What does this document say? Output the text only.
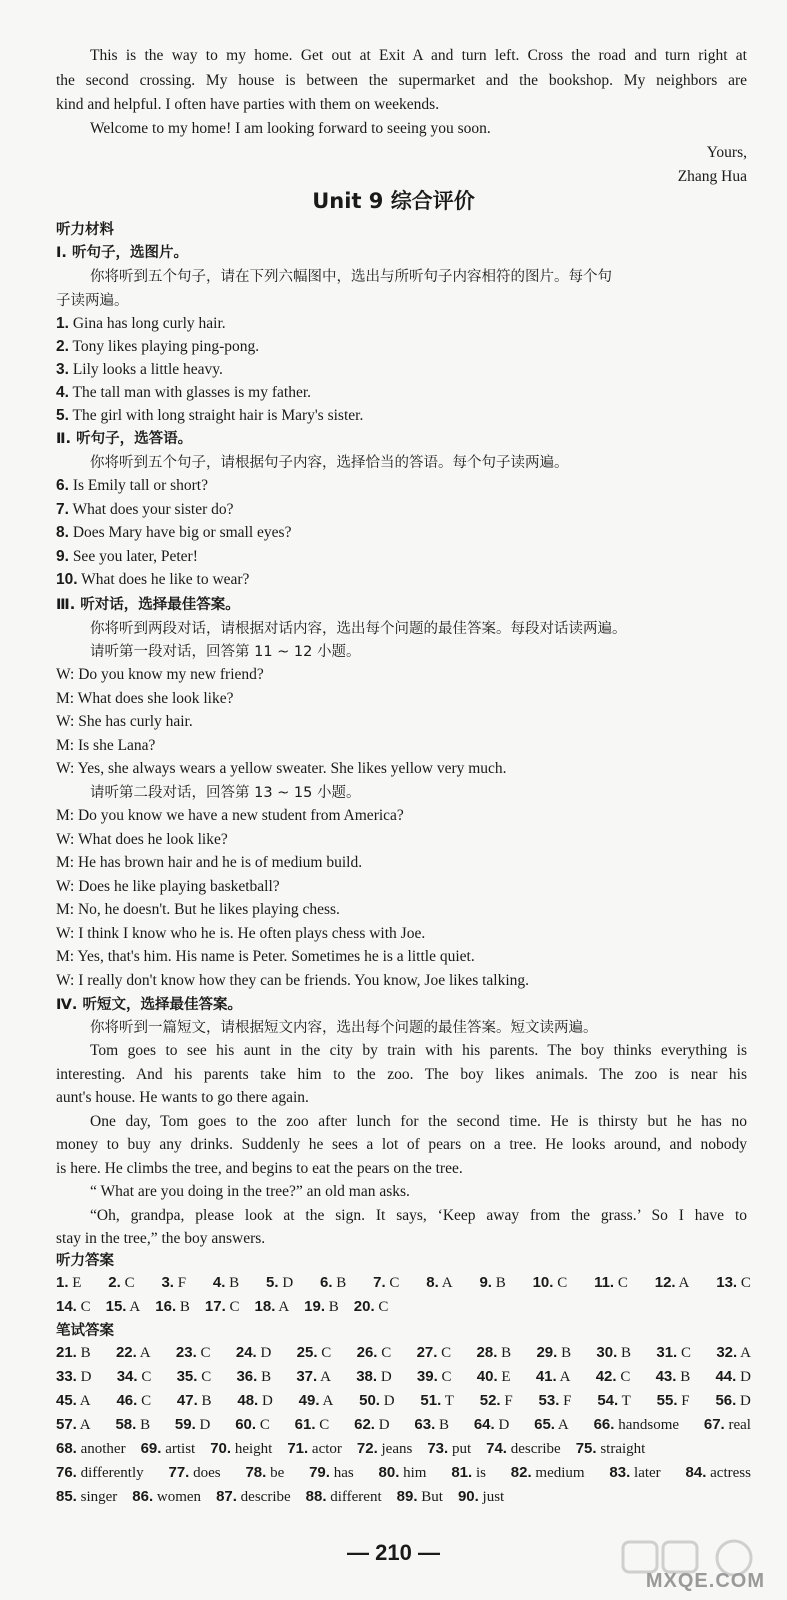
This is the way to my home. Get out at Exit A and turn left. Cross the road and turn right at
the second crossing. My house is between the supermarket and the bookshop. My neighbors are
kind and helpful. I often have parties with them on weekends.
Welcome to my home! I am looking forward to seeing you soon.
Yours,
Zhang Hua
Unit 9 综合评价
听力材料
Ⅰ. 听句子，选图片。
你将听到五个句子，请在下列六幅图中，选出与所听句子内容相符的图片。每个句
子读两遍。
1. Gina has long curly hair.
2. Tony likes playing ping-pong.
3. Lily looks a little heavy.
4. The tall man with glasses is my father.
5. The girl with long straight hair is Mary's sister.
Ⅱ. 听句子，选答语。
你将听到五个句子，请根据句子内容，选择恰当的答语。每个句子读两遍。
6. Is Emily tall or short?
7. What does your sister do?
8. Does Mary have big or small eyes?
9. See you later, Peter!
10. What does he like to wear?
Ⅲ. 听对话，选择最佳答案。
你将听到两段对话，请根据对话内容，选出每个问题的最佳答案。每段对话读两遍。
请听第一段对话，回答第 11 ~ 12 小题。
W: Do you know my new friend?
M: What does she look like?
W: She has curly hair.
M: Is she Lana?
W: Yes, she always wears a yellow sweater. She likes yellow very much.
请听第二段对话，回答第 13 ~ 15 小题。
M: Do you know we have a new student from America?
W: What does he look like?
M: He has brown hair and he is of medium build.
W: Does he like playing basketball?
M: No, he doesn't. But he likes playing chess.
W: I think I know who he is. He often plays chess with Joe.
M: Yes, that's him. His name is Peter. Sometimes he is a little quiet.
W: I really don't know how they can be friends. You know, Joe likes talking.
Ⅳ. 听短文，选择最佳答案。
你将听到一篇短文，请根据短文内容，选出每个问题的最佳答案。短文读两遍。
Tom goes to see his aunt in the city by train with his parents. The boy thinks everything is
interesting. And his parents take him to the zoo. The boy likes animals. The zoo is near his
aunt's house. He wants to go there again.
One day, Tom goes to the zoo after lunch for the second time. He is thirsty but he has no
money to buy any drinks. Suddenly he sees a lot of pears on a tree. He looks around, and nobody
is here. He climbs the tree, and begins to eat the pears on the tree.
“ What are you doing in the tree?” an old man asks.
“Oh, grandpa, please look at the sign. It says, ‘Keep away from the grass.’ So I have to
stay in the tree,” the boy answers.
听力答案
1. E 2. C 3. F 4. B 5. D 6. B 7. C 8. A 9. B 10. C 11. C 12. A 13. C
14. C 15. A 16. B 17. C 18. A 19. B 20. C
笔试答案
21. B 22. A 23. C 24. D 25. C 26. C 27. C 28. B 29. B 30. B 31. C 32. A
33. D 34. C 35. C 36. B 37. A 38. D 39. C 40. E 41. A 42. C 43. B 44. D
45. A 46. C 47. B 48. D 49. A 50. D 51. T 52. F 53. F 54. T 55. F 56. D
57. A 58. B 59. D 60. C 61. C 62. D 63. B 64. D 65. A 66. handsome 67. real
68. another 69. artist 70. height 71. actor 72. jeans 73. put 74. describe 75. straight
76. differently 77. does 78. be 79. has 80. him 81. is 82. medium 83. later 84. actress
85. singer 86. women 87. describe 88. different 89. But 90. just
— 210 —
MXQE.COM
